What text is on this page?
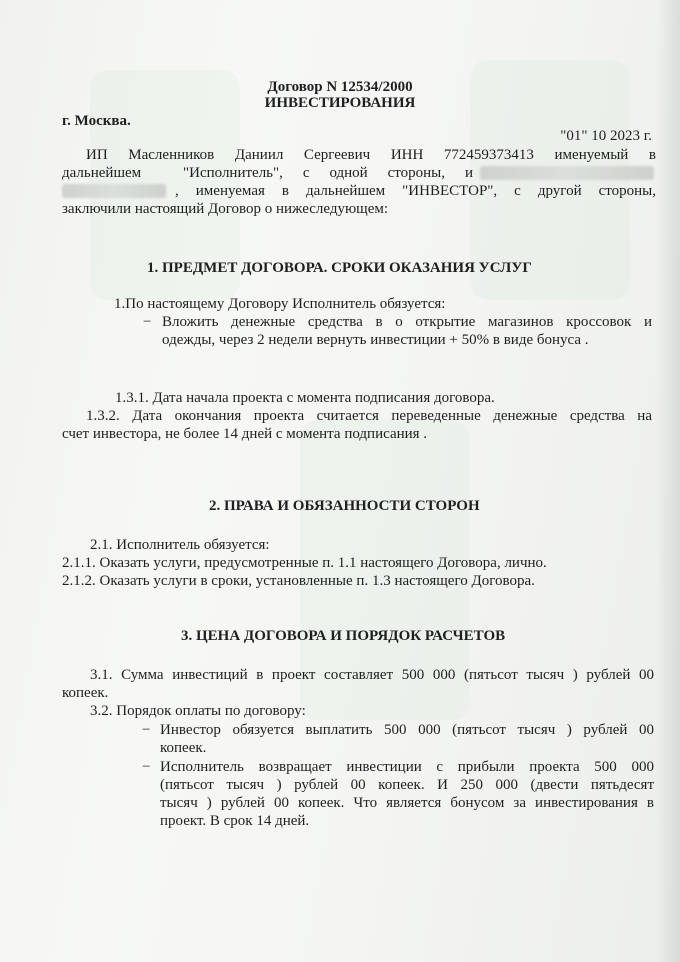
Договор N 12534/2000
ИНВЕСТИРОВАНИЯ
г. Москва.
"01" 10 2023 г.
ИП Масленников Даниил Сергеевич ИНН 772459373413 именуемый в
дальнейшем	"Исполнитель", с одной стороны, и
, именуемая в дальнейшем "ИНВЕСТОР", с другой стороны,
заключили настоящий Договор о нижеследующем:
1. ПРЕДМЕТ ДОГОВОРА. СРОКИ ОКАЗАНИЯ УСЛУГ
1.По настоящему Договору Исполнитель обязуется:
− Вложить денежные средства в о открытие магазинов кроссовок и
одежды, через 2 недели вернуть инвестиции + 50% в виде бонуса .
1.3.1. Дата начала проекта с момента подписания договора.
1.3.2. Дата окончания проекта считается переведенные денежные средства на
счет инвестора, не более 14 дней с момента подписания .
2. ПРАВА И ОБЯЗАННОСТИ СТОРОН
2.1. Исполнитель обязуется:
2.1.1. Оказать услуги, предусмотренные п. 1.1 настоящего Договора, лично.
2.1.2. Оказать услуги в сроки, установленные п. 1.3 настоящего Договора.
3. ЦЕНА ДОГОВОРА И ПОРЯДОК РАСЧЕТОВ
3.1. Сумма инвестиций в проект составляет 500 000 (пятьсот тысяч ) рублей 00
копеек.
3.2. Порядок оплаты по договору:
− Инвестор обязуется выплатить 500 000 (пятьсот тысяч ) рублей 00
копеек.
− Исполнитель возвращает инвестиции с прибыли проекта 500 000
(пятьсот тысяч ) рублей 00 копеек. И 250 000 (двести пятьдесят
тысяч ) рублей 00 копеек. Что является бонусом за инвестирования в
проект. В срок 14 дней.
